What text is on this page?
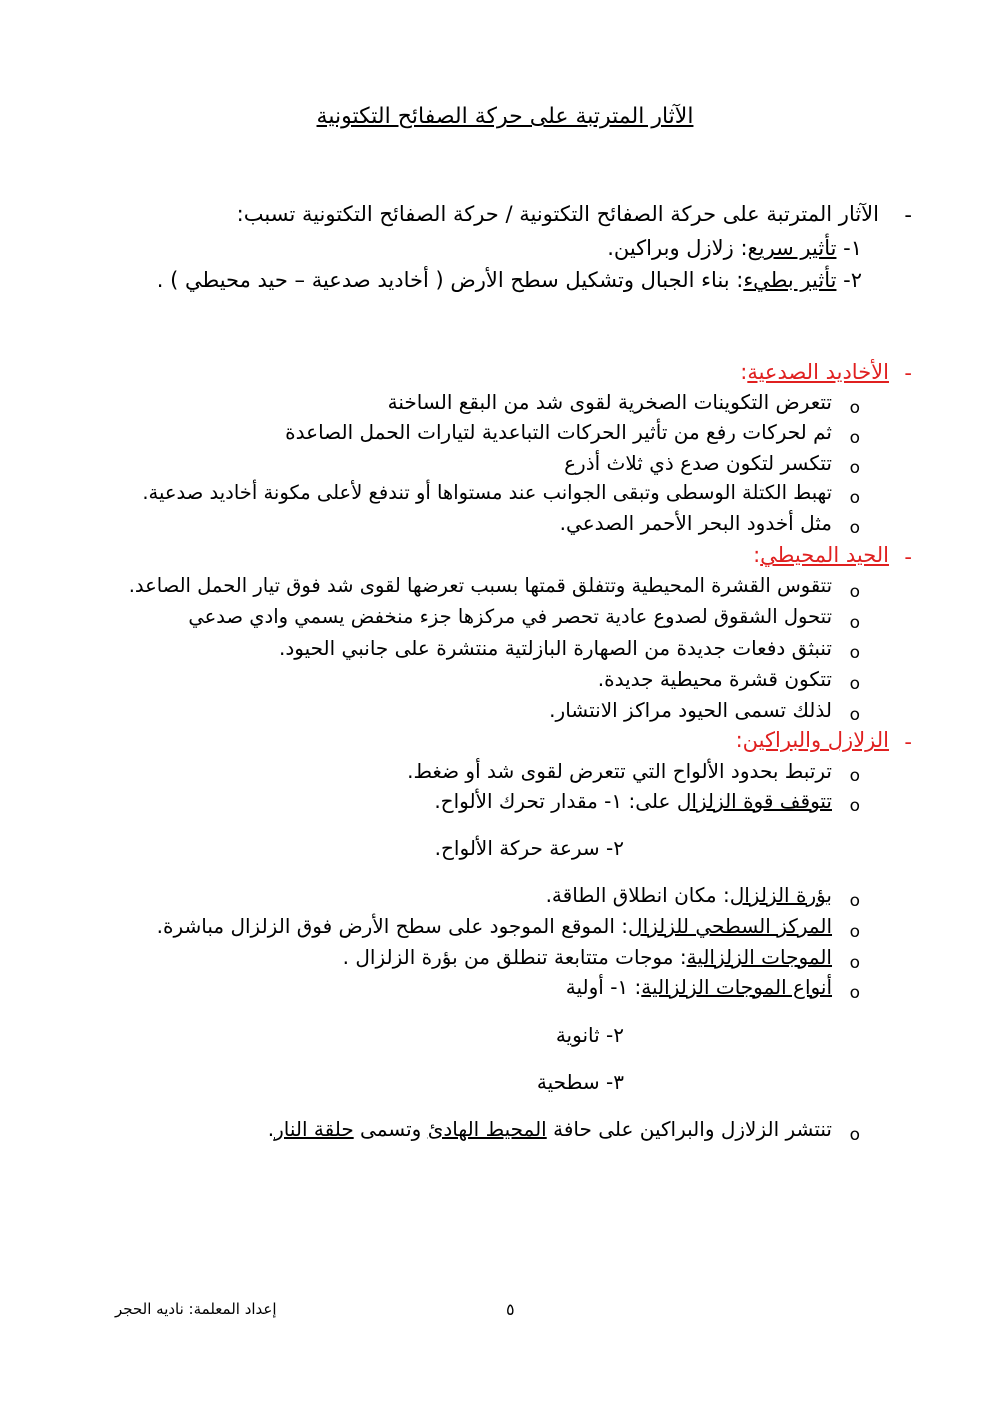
الآثار المترتبة على حركة الصفائح التكتونية
-
الآثار المترتبة على حركة الصفائح التكتونية / حركة الصفائح التكتونية تسبب:
١- تأثير سريع: زلازل وبراكين.
٢- تأثير بطيء: بناء الجبال وتشكيل سطح الأرض ( أخاديد صدعية – حيد محيطي ) .
-
الأخاديد الصدعية:
o
تتعرض التكوينات الصخرية لقوى شد من البقع الساخنة
o
ثم لحركات رفع من تأثير الحركات التباعدية لتيارات الحمل الصاعدة
o
تتكسر لتكون صدع ذي ثلاث أذرع
o
تهبط الكتلة الوسطى وتبقى الجوانب عند مستواها أو تندفع لأعلى مكونة أخاديد صدعية.
o
مثل أخدود البحر الأحمر الصدعي.
-
الحيد المحيطي:
o
تتقوس القشرة المحيطية وتتفلق قمتها بسبب تعرضها لقوى شد فوق تيار الحمل الصاعد.
o
تتحول الشقوق لصدوع عادية تحصر في مركزها جزء منخفض يسمي وادي صدعي
o
تنبثق دفعات جديدة من الصهارة البازلتية منتشرة على جانبي الحيود.
o
تتكون قشرة محيطية جديدة.
o
لذلك تسمى الحيود مراكز الانتشار.
-
الزلازل والبراكين:
o
ترتبط بحدود الألواح التي تتعرض لقوى شد أو ضغط.
o
تتوقف قوة الزلزال على: ١- مقدار تحرك الألواح.
٢- سرعة حركة الألواح.
o
بؤرة الزلزال: مكان انطلاق الطاقة.
o
المركز السطحي للزلزال: الموقع الموجود على سطح الأرض فوق الزلزال مباشرة.
o
الموجات الزلزالية: موجات متتابعة تنطلق من بؤرة الزلزال .
o
أنواع الموجات الزلزالية: ١- أولية
٢- ثانوية
٣- سطحية
o
تنتشر الزلازل والبراكين على حافة المحيط الهادئ وتسمى حلقة النار.
إعداد المعلمة: ناديه الحجر	٥
